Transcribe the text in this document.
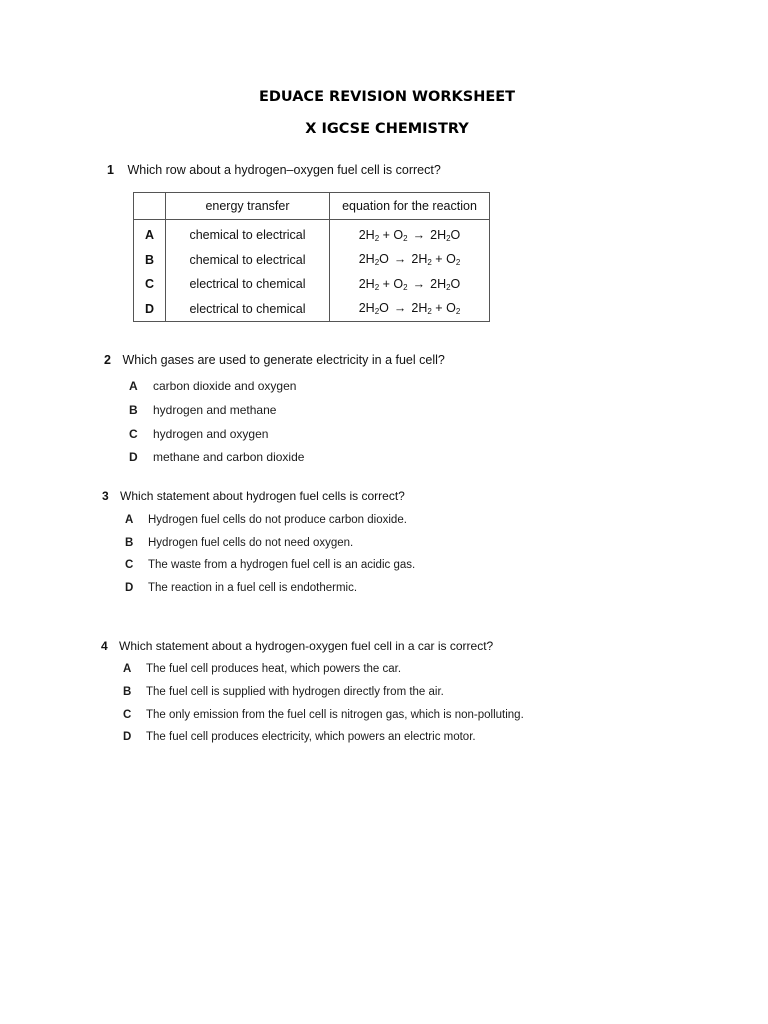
EDUACE REVISION WORKSHEET
X IGCSE CHEMISTRY
1 Which row about a hydrogen–oxygen fuel cell is correct?
	energy transfer	equation for the reaction
A	chemical to electrical	$2H_2 + O_2 \to 2H_2O$
B	chemical to electrical	$2H_2O \to 2H_2 + O_2$
C	electrical to chemical	$2H_2 + O_2 \to 2H_2O$
D	electrical to chemical	$2H_2O \to 2H_2 + O_2$
2 Which gases are used to generate electricity in a fuel cell?
A carbon dioxide and oxygen
B hydrogen and methane
C hydrogen and oxygen
D methane and carbon dioxide
3 Which statement about hydrogen fuel cells is correct?
A Hydrogen fuel cells do not produce carbon dioxide.
B Hydrogen fuel cells do not need oxygen.
C The waste from a hydrogen fuel cell is an acidic gas.
D The reaction in a fuel cell is endothermic.
4 Which statement about a hydrogen-oxygen fuel cell in a car is correct?
A The fuel cell produces heat, which powers the car.
B The fuel cell is supplied with hydrogen directly from the air.
C The only emission from the fuel cell is nitrogen gas, which is non-polluting.
D The fuel cell produces electricity, which powers an electric motor.
